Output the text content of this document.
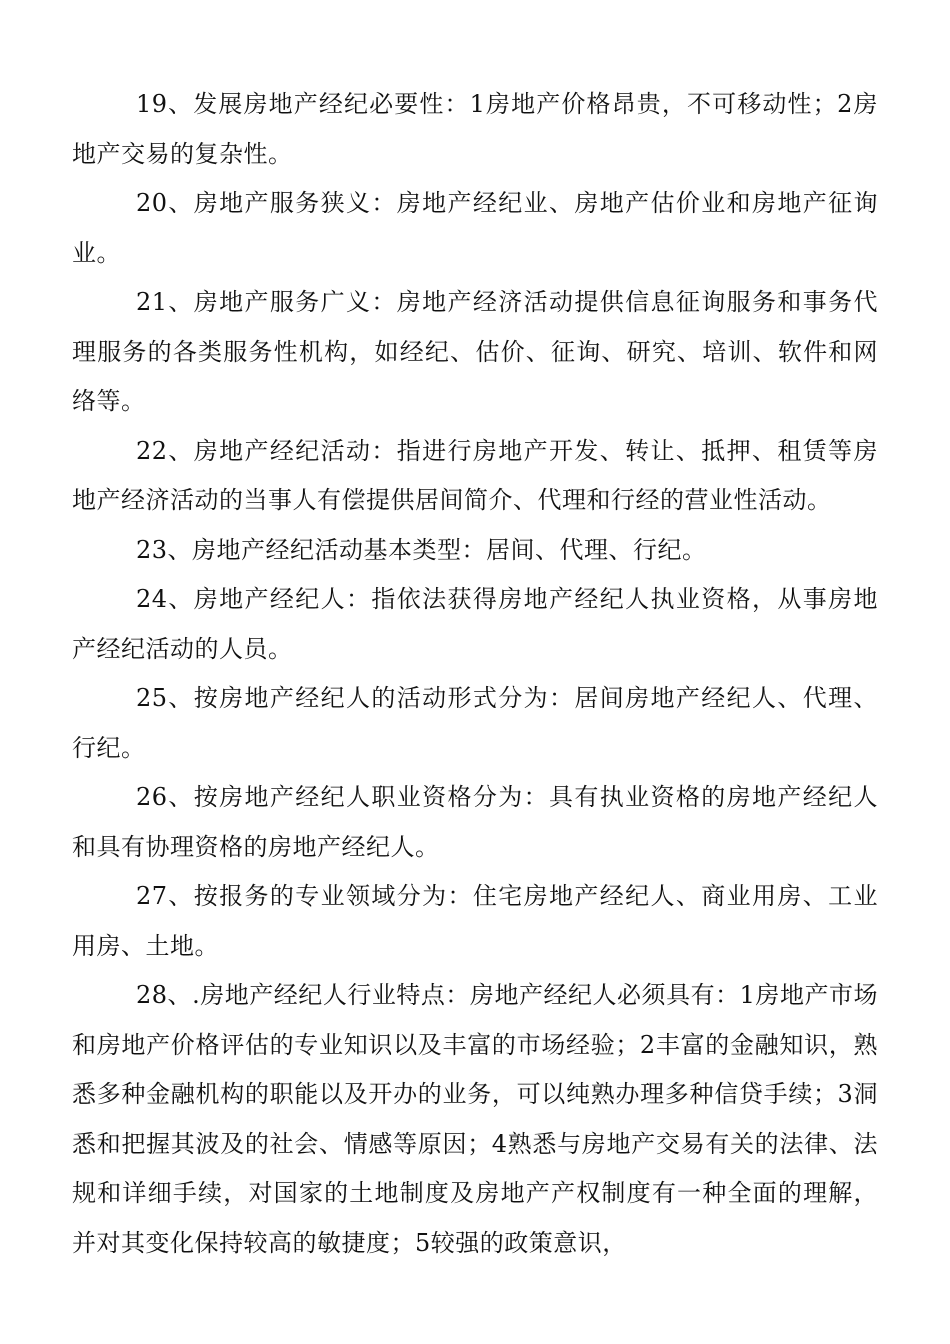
19、发展房地产经纪必要性：1房地产价格昂贵，不可移动性；2房地产交易的复杂性。

20、房地产服务狭义：房地产经纪业、房地产估价业和房地产征询业。

21、房地产服务广义：房地产经济活动提供信息征询服务和事务代理服务的各类服务性机构，如经纪、估价、征询、研究、培训、软件和网络等。

22、房地产经纪活动：指进行房地产开发、转让、抵押、租赁等房地产经济活动的当事人有偿提供居间简介、代理和行经的营业性活动。

23、房地产经纪活动基本类型：居间、代理、行纪。

24、房地产经纪人：指依法获得房地产经纪人执业资格，从事房地产经纪活动的人员。

25、按房地产经纪人的活动形式分为：居间房地产经纪人、代理、行纪。

26、按房地产经纪人职业资格分为：具有执业资格的房地产经纪人和具有协理资格的房地产经纪人。

27、按报务的专业领域分为：住宅房地产经纪人、商业用房、工业用房、土地。

28、.房地产经纪人行业特点：房地产经纪人必须具有：1房地产市场和房地产价格评估的专业知识以及丰富的市场经验；2丰富的金融知识，熟悉多种金融机构的职能以及开办的业务，可以纯熟办理多种信贷手续；3洞悉和把握其波及的社会、情感等原因；4熟悉与房地产交易有关的法律、法规和详细手续，对国家的土地制度及房地产产权制度有一种全面的理解，并对其变化保持较高的敏捷度；5较强的政策意识，
